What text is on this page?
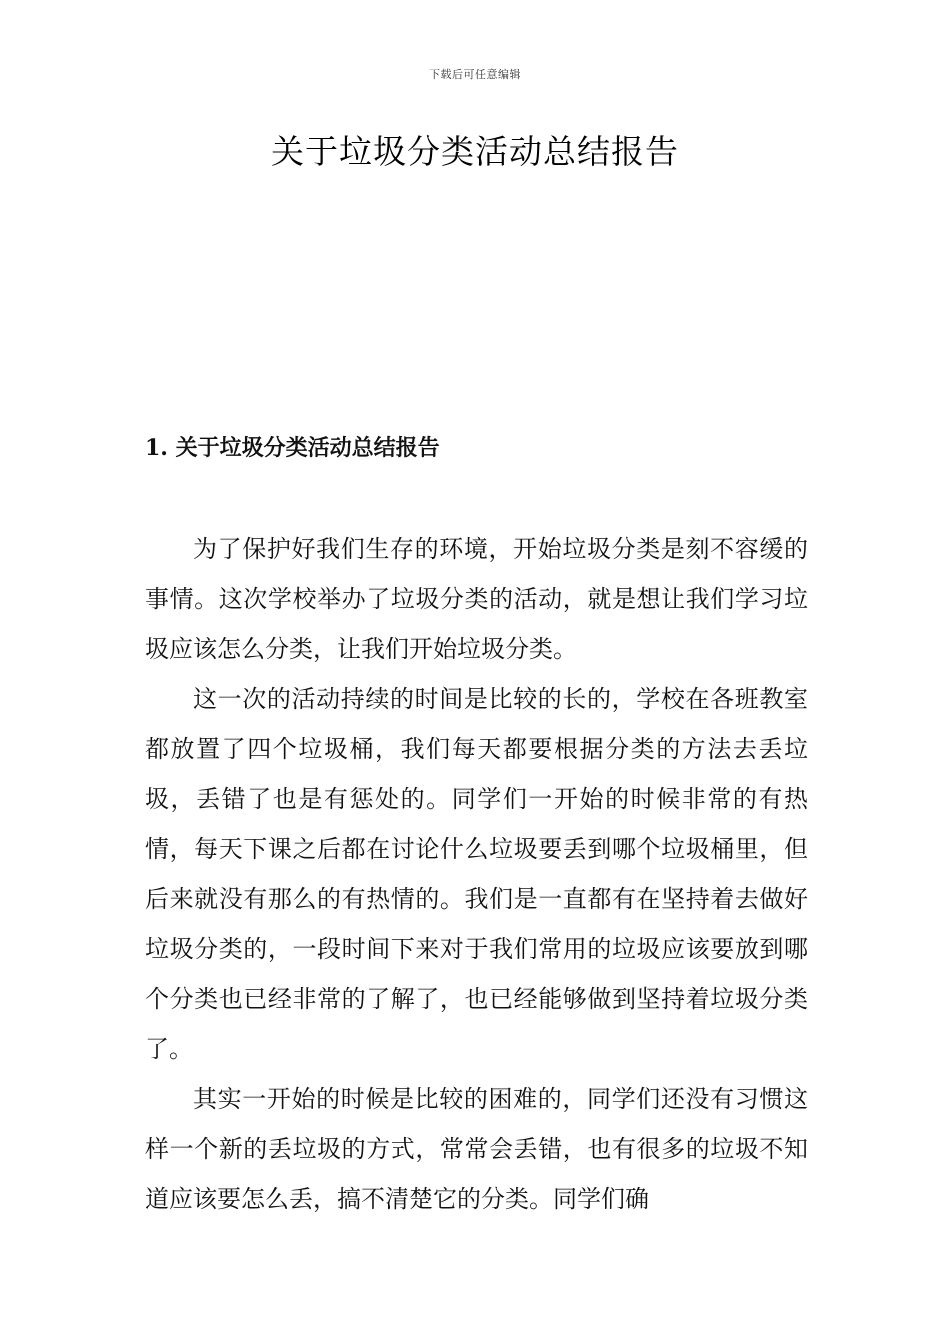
下载后可任意编辑
关于垃圾分类活动总结报告
1. 关于垃圾分类活动总结报告

为了保护好我们生存的环境，开始垃圾分类是刻不容缓的事情。这次学校举办了垃圾分类的活动，就是想让我们学习垃圾应该怎么分类，让我们开始垃圾分类。

这一次的活动持续的时间是比较的长的，学校在各班教室都放置了四个垃圾桶，我们每天都要根据分类的方法去丢垃圾，丢错了也是有惩处的。同学们一开始的时候非常的有热情，每天下课之后都在讨论什么垃圾要丢到哪个垃圾桶里，但后来就没有那么的有热情的。我们是一直都有在坚持着去做好垃圾分类的，一段时间下来对于我们常用的垃圾应该要放到哪个分类也已经非常的了解了，也已经能够做到坚持着垃圾分类了。

其实一开始的时候是比较的困难的，同学们还没有习惯这样一个新的丢垃圾的方式，常常会丢错，也有很多的垃圾不知道应该要怎么丢，搞不清楚它的分类。同学们确
